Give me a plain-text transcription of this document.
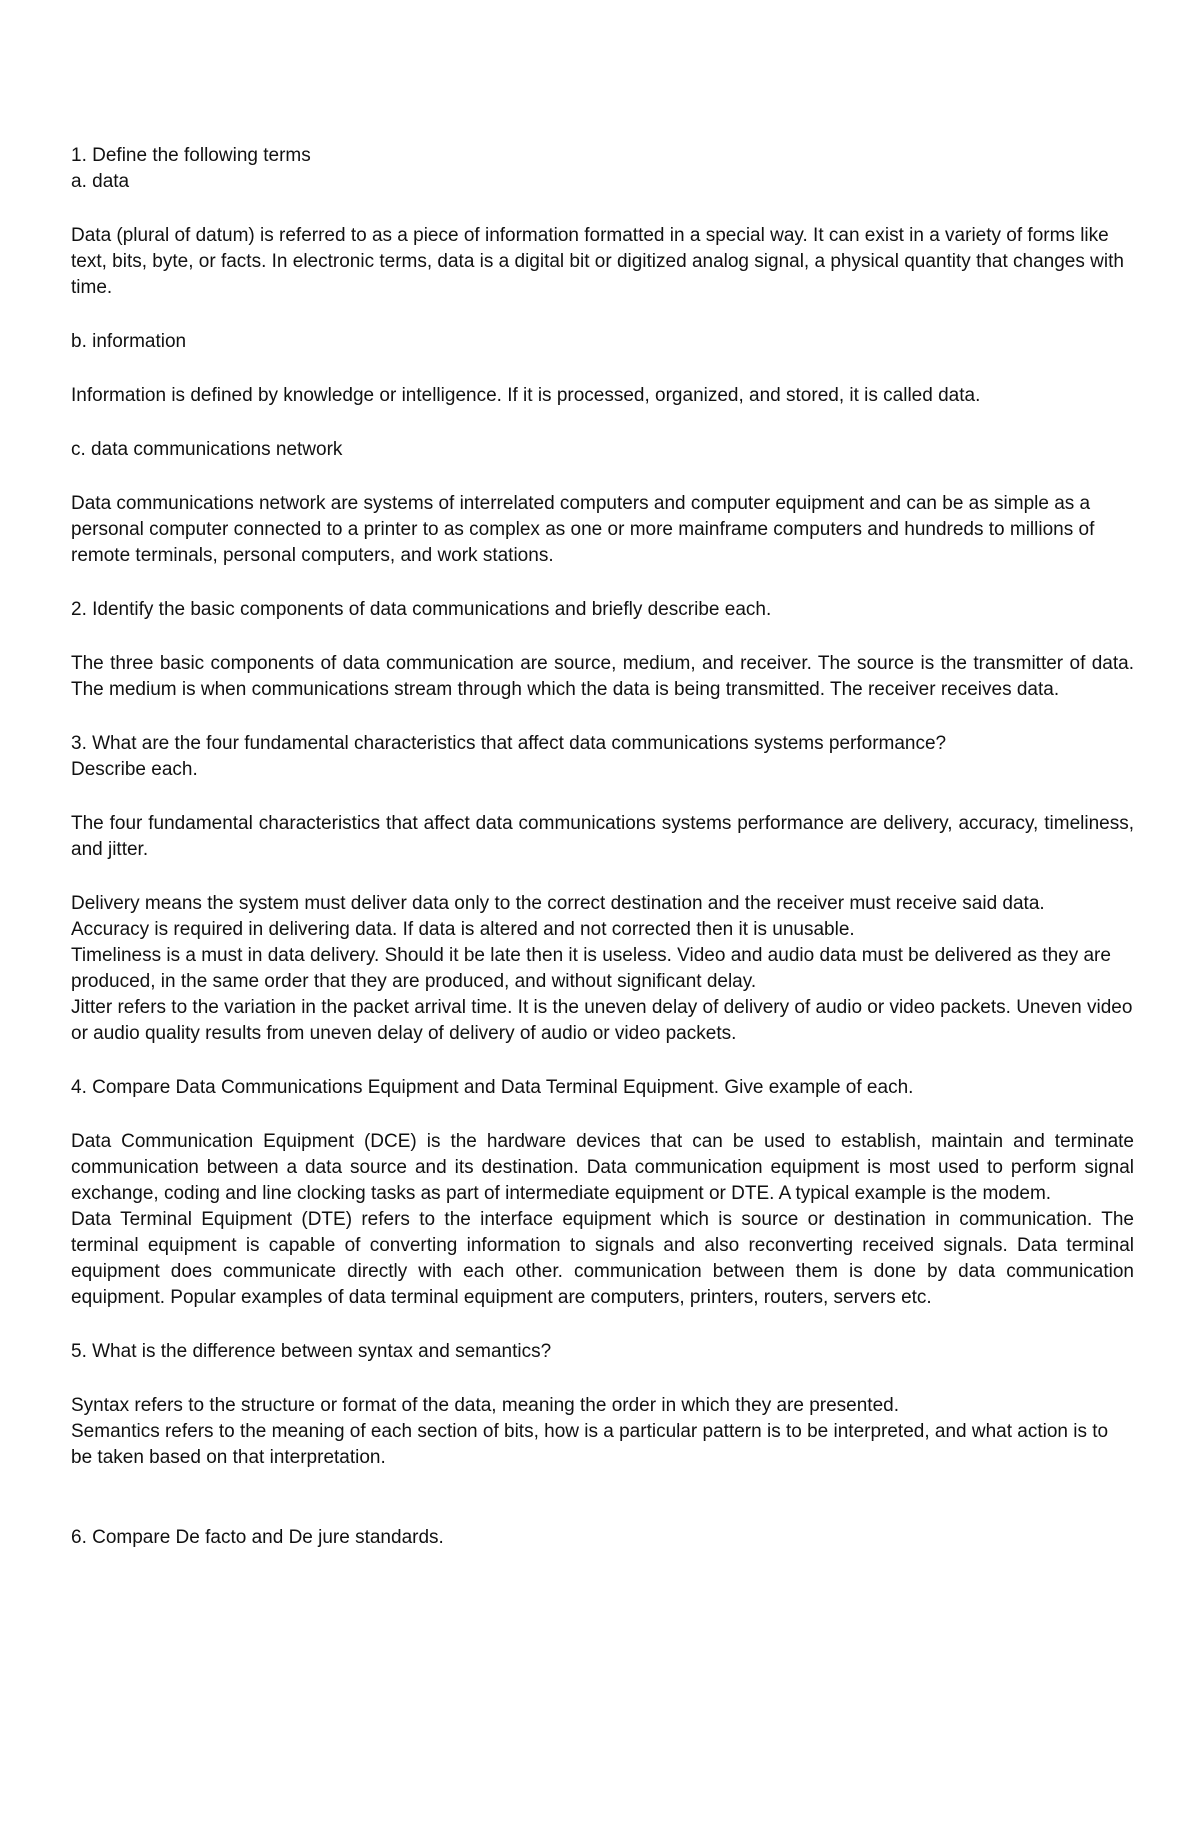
1. Define the following terms

a. data

Data (plural of datum) is referred to as a piece of information formatted in a special way. It can exist in a variety of forms like text, bits, byte, or facts. In electronic terms, data is a digital bit or digitized analog signal, a physical quantity that changes with time.

b. information

Information is defined by knowledge or intelligence. If it is processed, organized, and stored, it is called data.

c. data communications network

Data communications network are systems of interrelated computers and computer equipment and can be as simple as a personal computer connected to a printer to as complex as one or more mainframe computers and hundreds to millions of remote terminals, personal computers, and work stations.

2. Identify the basic components of data communications and briefly describe each.

The three basic components of data communication are source, medium, and receiver. The source is the transmitter of data. The medium is when communications stream through which the data is being transmitted. The receiver receives data.

3. What are the four fundamental characteristics that affect data communications systems performance?

Describe each.

The four fundamental characteristics that affect data communications systems performance are delivery, accuracy, timeliness, and jitter.

Delivery means the system must deliver data only to the correct destination and the receiver must receive said data.

Accuracy is required in delivering data. If data is altered and not corrected then it is unusable.

Timeliness is a must in data delivery. Should it be late then it is useless. Video and audio data must be delivered as they are produced, in the same order that they are produced, and without significant delay.

Jitter refers to the variation in the packet arrival time. It is the uneven delay of delivery of audio or video packets. Uneven video or audio quality results from uneven delay of delivery of audio or video packets.

4. Compare Data Communications Equipment and Data Terminal Equipment. Give example of each.

Data Communication Equipment (DCE) is the hardware devices that can be used to establish, maintain and terminate communication between a data source and its destination. Data communication equipment is most used to perform signal exchange, coding and line clocking tasks as part of intermediate equipment or DTE. A typical example is the modem.

Data Terminal Equipment (DTE) refers to the interface equipment which is source or destination in communication. The terminal equipment is capable of converting information to signals and also reconverting received signals. Data terminal equipment does communicate directly with each other. communication between them is done by data communication equipment. Popular examples of data terminal equipment are computers, printers, routers, servers etc.

5. What is the difference between syntax and semantics?

Syntax refers to the structure or format of the data, meaning the order in which they are presented.

Semantics refers to the meaning of each section of bits, how is a particular pattern is to be interpreted, and what action is to be taken based on that interpretation.

6. Compare De facto and De jure standards.
